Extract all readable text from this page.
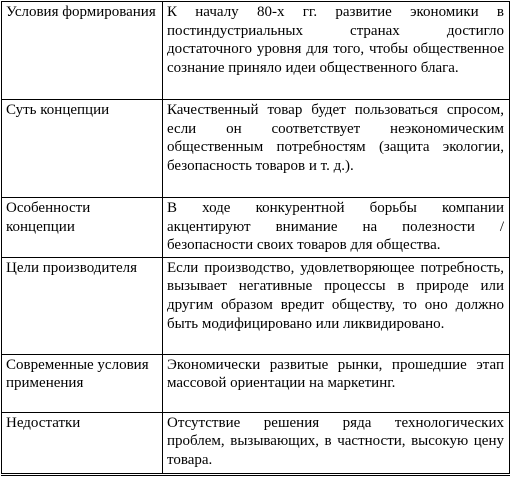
Условия формирования	К началу 80-х гг. развитие экономики в постиндустриальных странах достигло достаточного уровня для того, чтобы общественное сознание приняло идеи общественного блага.
Суть концепции	Качественный товар будет пользоваться спросом, если он соответствует неэкономическим общественным потребностям (защита экологии, безопасность товаров и т. д.).
Особенности концепции	В ходе конкурентной борьбы компании акцентируют внимание на полезности / безопасности своих товаров для общества.
Цели производителя	Если производство, удовлетворяющее потребность, вызывает негативные процессы в природе или другим образом вредит обществу, то оно должно быть модифицировано или ликвидировано.
Современные условия применения	Экономически развитые рынки, прошедшие этап массовой ориентации на маркетинг.
Недостатки	Отсутствие решения ряда технологических проблем, вызывающих, в частности, высокую цену товара.
